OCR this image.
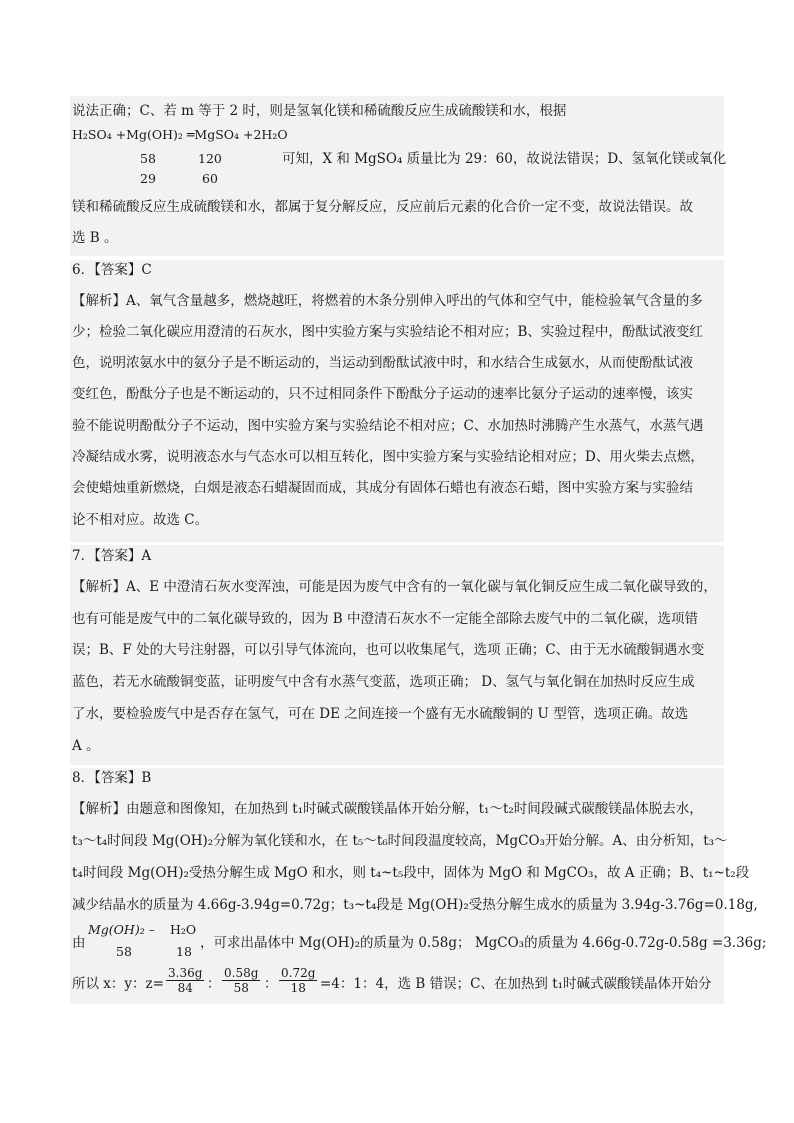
说法正确；C、若 m 等于 2 时，则是氢氧化镁和稀硫酸反应生成硫酸镁和水，根据
H₂SO₄ +Mg(OH)₂ ═MgSO₄ +2H₂O
58	120
29	60
可知，X 和 MgSO₄ 质量比为 29：60，故说法错误；D、氢氧化镁或氧化
镁和稀硫酸反应生成硫酸镁和水，都属于复分解反应，反应前后元素的化合价一定不变，故说法错误。故
选 B 。
6．【答案】C
【解析】A、氧气含量越多，燃烧越旺，将燃着的木条分别伸入呼出的气体和空气中，能检验氧气含量的多
少；检验二氧化碳应用澄清的石灰水，图中实验方案与实验结论不相对应；B、实验过程中，酚酞试液变红
色，说明浓氨水中的氨分子是不断运动的，当运动到酚酞试液中时，和水结合生成氨水，从而使酚酞试液
变红色，酚酞分子也是不断运动的，只不过相同条件下酚酞分子运动的速率比氨分子运动的速率慢，该实
验不能说明酚酞分子不运动，图中实验方案与实验结论不相对应；C、水加热时沸腾产生水蒸气，水蒸气遇
冷凝结成水雾，说明液态水与气态水可以相互转化，图中实验方案与实验结论相对应；D、用火柴去点燃，
会使蜡烛重新燃烧，白烟是液态石蜡凝固而成，其成分有固体石蜡也有液态石蜡，图中实验方案与实验结
论不相对应。故选 C。
7．【答案】A
【解析】A、E 中澄清石灰水变浑浊，可能是因为废气中含有的一氧化碳与氧化铜反应生成二氧化碳导致的，
也有可能是废气中的二氧化碳导致的，因为 B 中澄清石灰水不一定能全部除去废气中的二氧化碳，选项错
误；B、F 处的大号注射器，可以引导气体流向，也可以收集尾气，选项 正确；C、由于无水硫酸铜遇水变
蓝色，若无水硫酸铜变蓝，证明废气中含有水蒸气变蓝，选项正确； D、氢气与氧化铜在加热时反应生成
了水，要检验废气中是否存在氢气，可在 DE 之间连接一个盛有无水硫酸铜的 U 型管，选项正确。故选
A 。
8．【答案】B
【解析】由题意和图像知，在加热到 t₁时碱式碳酸镁晶体开始分解，t₁～t₂时间段碱式碳酸镁晶体脱去水，
t₃～t₄时间段 Mg(OH)₂分解为氧化镁和水，在 t₅～t₆时间段温度较高，MgCO₃开始分解。A、由分析知，t₃～
t₄时间段 Mg(OH)₂受热分解生成 MgO 和水，则 t₄~t₅段中，固体为 MgO 和 MgCO₃，故 A 正确；B、t₁~t₂段
减少结晶水的质量为 4.66g-3.94g=0.72g；t₃~t₄段是 Mg(OH)₂受热分解生成水的质量为 3.94g-3.76g=0.18g,
由
Mg(OH)₂ – H₂O
58	18
，可求出晶体中 Mg(OH)₂的质量为 0.58g； MgCO₃的质量为 4.66g-0.72g-0.58g =3.36g;
所以 x：y：$z= \frac{3.36g}{84}$ ： $\frac{0.58g}{58}$ ： $\frac{0.72g}{18} =4$：1：4，选 B 错误；C、在加热到 t₁时碱式碳酸镁晶体开始分
